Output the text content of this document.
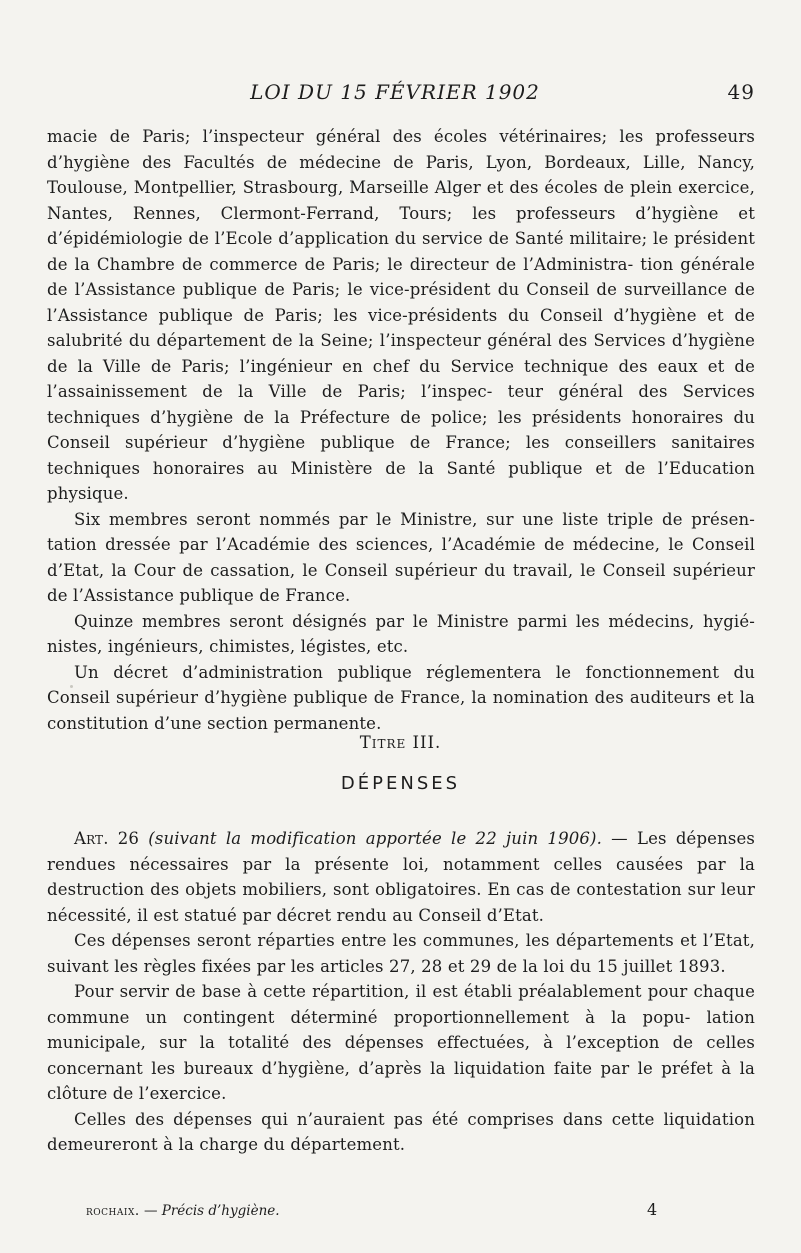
LOI DU 15 FÉVRIER 1902	49

macie de Paris; l’inspecteur général des écoles vétérinaires; les professeurs d’hygiène des Facultés de médecine de Paris, Lyon, Bordeaux, Lille, Nancy, Toulouse, Montpellier, Strasbourg, Marseille Alger et des écoles de plein exercice, Nantes, Rennes, Clermont-Ferrand, Tours; les professeurs d’hygiène et d’épidémiologie de l’Ecole d’application du service de Santé militaire; le président de la Chambre de commerce de Paris; le directeur de l’Administra- tion générale de l’Assistance publique de Paris; le vice-président du Conseil de surveillance de l’Assistance publique de Paris; les vice-présidents du Conseil d’hygiène et de salubrité du département de la Seine; l’inspecteur général des Services d’hygiène de la Ville de Paris; l’ingénieur en chef du Service technique des eaux et de l’assainissement de la Ville de Paris; l’inspec- teur général des Services techniques d’hygiène de la Préfecture de police; les présidents honoraires du Conseil supérieur d’hygiène publique de France; les conseillers sanitaires techniques honoraires au Ministère de la Santé publique et de l’Education physique.

Six membres seront nommés par le Ministre, sur une liste triple de présen- tation dressée par l’Académie des sciences, l’Académie de médecine, le Conseil d’Etat, la Cour de cassation, le Conseil supérieur du travail, le Conseil supérieur de l’Assistance publique de France.

Quinze membres seront désignés par le Ministre parmi les médecins, hygié- nistes, ingénieurs, chimistes, légistes, etc.

Un décret d’administration publique réglementera le fonctionnement du Conseil supérieur d’hygiène publique de France, la nomination des auditeurs et la constitution d’une section permanente.

Titre III.
DÉPENSES

Art. 26 (suivant la modification apportée le 22 juin 1906). — Les dépenses rendues nécessaires par la présente loi, notamment celles causées par la destruction des objets mobiliers, sont obligatoires. En cas de contestation sur leur nécessité, il est statué par décret rendu au Conseil d’Etat.

Ces dépenses seront réparties entre les communes, les départements et l’Etat, suivant les règles fixées par les articles 27, 28 et 29 de la loi du 15 juillet 1893.

Pour servir de base à cette répartition, il est établi préalablement pour chaque commune un contingent déterminé proportionnellement à la popu- lation municipale, sur la totalité des dépenses effectuées, à l’exception de celles concernant les bureaux d’hygiène, d’après la liquidation faite par le préfet à la clôture de l’exercice.

Celles des dépenses qui n’auraient pas été comprises dans cette liquidation demeureront à la charge du département.

rochaix. — Précis d’hygiène.	4
